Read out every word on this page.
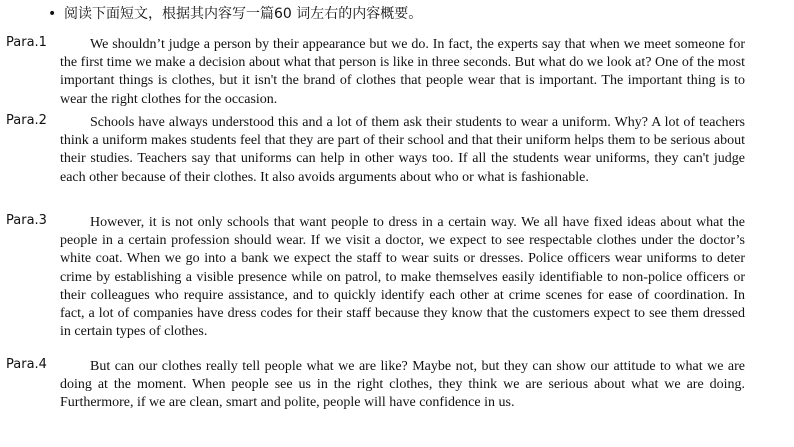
• 阅读下面短文，根据其内容写一篇60 词左右的内容概要。
Para.1	We shouldn’t judge a person by their appearance but we do. In fact, the experts say that when we meet someone for the first time we make a decision about what that person is like in three seconds. But what do we look at? One of the most important things is clothes, but it isn't the brand of clothes that people wear that is important. The important thing is to wear the right clothes for the occasion.

Para.2	Schools have always understood this and a lot of them ask their students to wear a uniform. Why? A lot of teachers think a uniform makes students feel that they are part of their school and that their uniform helps them to be serious about their studies. Teachers say that uniforms can help in other ways too. If all the students wear uniforms, they can't judge each other because of their clothes. It also avoids arguments about who or what is fashionable.

Para.3	However, it is not only schools that want people to dress in a certain way. We all have fixed ideas about what the people in a certain profession should wear. If we visit a doctor, we expect to see respectable clothes under the doctor’s white coat. When we go into a bank we expect the staff to wear suits or dresses. Police officers wear uniforms to deter crime by establishing a visible presence while on patrol, to make themselves easily identifiable to non-police officers or their colleagues who require assistance, and to quickly identify each other at crime scenes for ease of coordination. In fact, a lot of companies have dress codes for their staff because they know that the customers expect to see them dressed in certain types of clothes.

Para.4	But can our clothes really tell people what we are like? Maybe not, but they can show our attitude to what we are doing at the moment. When people see us in the right clothes, they think we are serious about what we are doing. Furthermore, if we are clean, smart and polite, people will have confidence in us.
